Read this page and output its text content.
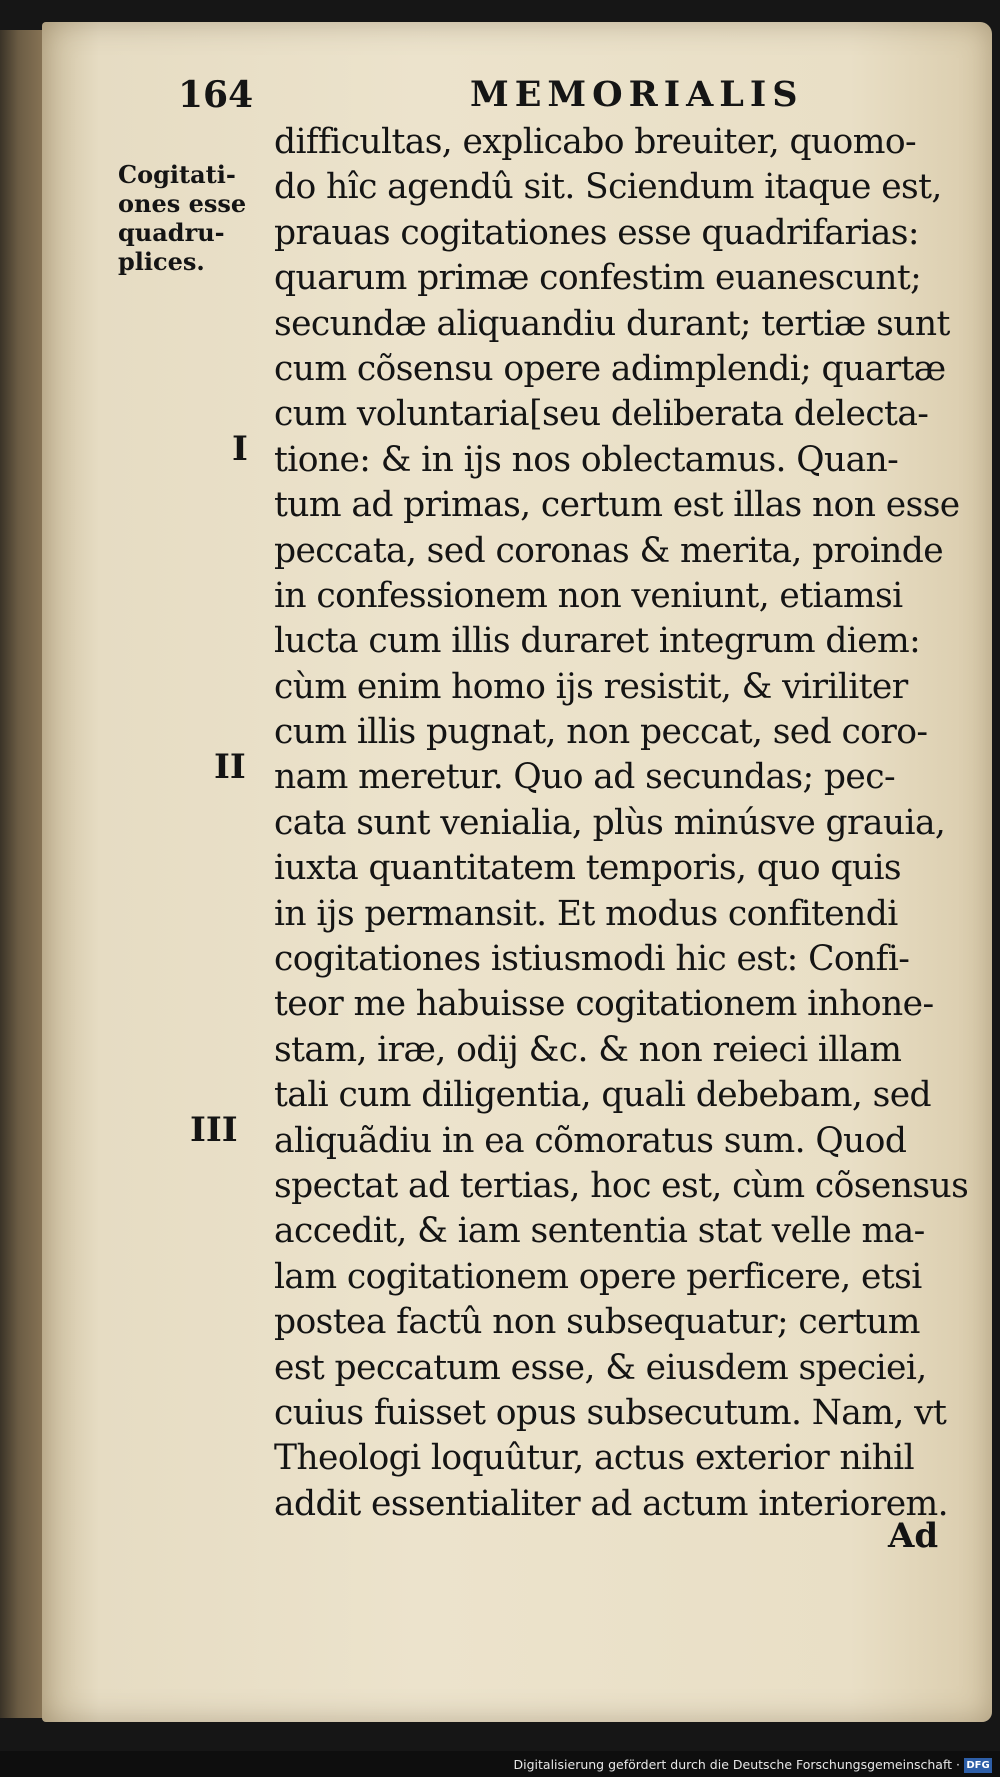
164	MEMORIALIS
Cogitati-
ones esse
quadru-
plices.
I
II
III
difficultas, explicabo breuiter, quomo-
do hîc agendû sit. Sciendum itaque est,
prauas cogitationes esse quadrifarias:
quarum primæ confestim euanescunt;
secundæ aliquandiu durant; tertiæ sunt
cum cõsensu opere adimplendi; quartæ
cum voluntaria[seu deliberata delecta-
tione: & in ijs nos oblectamus. Quan-
tum ad primas, certum est illas non esse
peccata, sed coronas & merita, proinde
in confessionem non veniunt, etiamsi
lucta cum illis duraret integrum diem:
cùm enim homo ijs resistit, & viriliter
cum illis pugnat, non peccat, sed coro-
nam meretur. Quo ad secundas; pec-
cata sunt venialia, plùs minúsve grauia,
iuxta quantitatem temporis, quo quis
in ijs permansit. Et modus confitendi
cogitationes istiusmodi hic est: Confi-
teor me habuisse cogitationem inhone-
stam, iræ, odij &c. & non reieci illam
tali cum diligentia, quali debebam, sed
aliquãdiu in ea cõmoratus sum. Quod
spectat ad tertias, hoc est, cùm cõsensus
accedit, & iam sententia stat velle ma-
lam cogitationem opere perficere, etsi
postea factû non subsequatur; certum
est peccatum esse, & eiusdem speciei,
cuius fuisset opus subsecutum. Nam, vt
Theologi loquûtur, actus exterior nihil
addit essentialiter ad actum interiorem.
Ad
Digitalisierung gefördert durch die Deutsche Forschungsgemeinschaft · DFG
